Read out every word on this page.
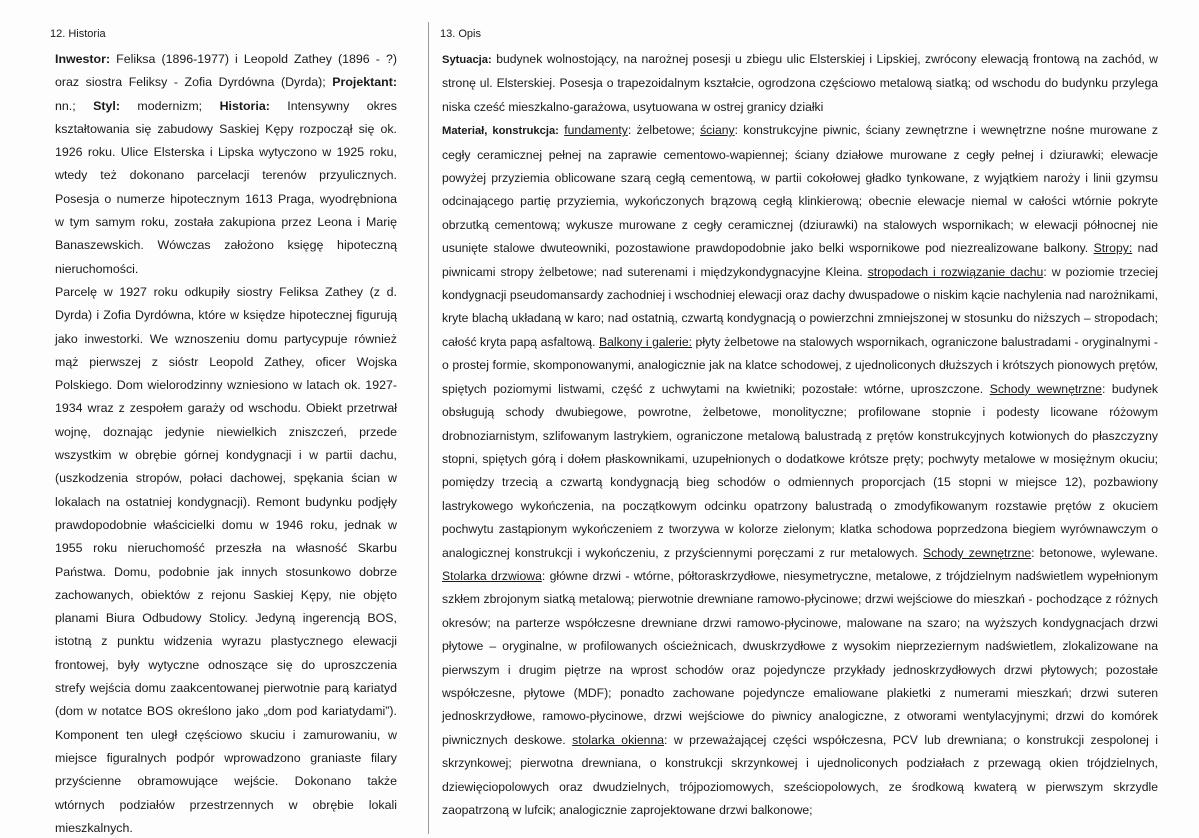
12. Historia

Inwestor: Feliksa (1896-1977) i Leopold Zathey (1896 - ?) oraz siostra Feliksy - Zofia Dyrdówna (Dyrda); Projektant: nn.; Styl: modernizm; Historia: Intensywny okres kształtowania się zabudowy Saskiej Kępy rozpoczął się ok. 1926 roku. Ulice Elsterska i Lipska wytyczono w 1925 roku, wtedy też dokonano parcelacji terenów przyulicznych. Posesja o numerze hipotecznym 1613 Praga, wyodrębniona w tym samym roku, została zakupiona przez Leona i Marię Banaszewskich. Wówczas założono księgę hipoteczną nieruchomości.

Parcelę w 1927 roku odkupiły siostry Feliksa Zathey (z d. Dyrda) i Zofia Dyrdówna, które w księdze hipotecznej figurują jako inwestorki. We wznoszeniu domu partycypuje również mąż pierwszej z sióstr Leopold Zathey, oficer Wojska Polskiego. Dom wielorodzinny wzniesiono w latach ok. 1927-1934 wraz z zespołem garaży od wschodu. Obiekt przetrwał wojnę, doznając jedynie niewielkich zniszczeń, przede wszystkim w obrębie górnej kondygnacji i w partii dachu, (uszkodzenia stropów, połaci dachowej, spękania ścian w lokalach na ostatniej kondygnacji). Remont budynku podjęły prawdopodobnie właścicielki domu w 1946 roku, jednak w 1955 roku nieruchomość przeszła na własność Skarbu Państwa. Domu, podobnie jak innych stosunkowo dobrze zachowanych, obiektów z rejonu Saskiej Kępy, nie objęto planami Biura Odbudowy Stolicy. Jedyną ingerencją BOS, istotną z punktu widzenia wyrazu plastycznego elewacji frontowej, były wytyczne odnoszące się do uproszczenia strefy wejścia domu zaakcentowanej pierwotnie parą kariatyd (dom w notatce BOS określono jako „dom pod kariatydami”). Komponent ten uległ częściowo skuciu i zamurowaniu, w miejsce figuralnych podpór wprowadzono graniaste filary przyścienne obramowujące wejście. Dokonano także wtórnych podziałów przestrzennych w obrębie lokali mieszkalnych.

13. Opis

Sytuacja: budynek wolnostojący, na narożnej posesji u zbiegu ulic Elsterskiej i Lipskiej, zwrócony elewacją frontową na zachód, w stronę ul. Elsterskiej. Posesja o trapezoidalnym kształcie, ogrodzona częściowo metalową siatką; od wschodu do budynku przylega niska cześć mieszkalno-garażowa, usytuowana w ostrej granicy działki

Materiał, konstrukcja: fundamenty: żelbetowe; ściany: konstrukcyjne piwnic, ściany zewnętrzne i wewnętrzne nośne murowane z cegły ceramicznej pełnej na zaprawie cementowo-wapiennej; ściany działowe murowane z cegły pełnej i dziurawki; elewacje powyżej przyziemia oblicowane szarą cegłą cementową, w partii cokołowej gładko tynkowane, z wyjątkiem naroży i linii gzymsu odcinającego partię przyziemia, wykończonych brązową cegłą klinkierową; obecnie elewacje niemal w całości wtórnie pokryte obrzutką cementową; wykusze murowane z cegły ceramicznej (dziurawki) na stalowych wspornikach; w elewacji północnej nie usunięte stalowe dwuteowniki, pozostawione prawdopodobnie jako belki wspornikowe pod niezrealizowane balkony. Stropy: nad piwnicami stropy żelbetowe; nad suterenami i międzykondygnacyjne Kleina. stropodach i rozwiązanie dachu: w poziomie trzeciej kondygnacji pseudomansardy zachodniej i wschodniej elewacji oraz dachy dwuspadowe o niskim kącie nachylenia nad narożnikami, kryte blachą układaną w karo; nad ostatnią, czwartą kondygnacją o powierzchni zmniejszonej w stosunku do niższych – stropodach; całość kryta papą asfaltową. Balkony i galerie: płyty żelbetowe na stalowych wspornikach, ograniczone balustradami - oryginalnymi - o prostej formie, skomponowanymi, analogicznie jak na klatce schodowej, z ujednoliconych dłuższych i krótszych pionowych prętów, spiętych poziomymi listwami, część z uchwytami na kwietniki; pozostałe: wtórne, uproszczone. Schody wewnętrzne: budynek obsługują schody dwubiegowe, powrotne, żelbetowe, monolityczne; profilowane stopnie i podesty licowane różowym drobnoziarnistym, szlifowanym lastrykiem, ograniczone metalową balustradą z prętów konstrukcyjnych kotwionych do płaszczyzny stopni, spiętych górą i dołem płaskownikami, uzupełnionych o dodatkowe krótsze pręty; pochwyty metalowe w mosiężnym okuciu; pomiędzy trzecią a czwartą kondygnacją bieg schodów o odmiennych proporcjach (15 stopni w miejsce 12), pozbawiony lastrykowego wykończenia, na początkowym odcinku opatrzony balustradą o zmodyfikowanym rozstawie prętów z okuciem pochwytu zastąpionym wykończeniem z tworzywa w kolorze zielonym; klatka schodowa poprzedzona biegiem wyrównawczym o analogicznej konstrukcji i wykończeniu, z przyściennymi poręczami z rur metalowych. Schody zewnętrzne: betonowe, wylewane. Stolarka drzwiowa: główne drzwi - wtórne, półtoraskrzydłowe, niesymetryczne, metalowe, z trójdzielnym nadświetlem wypełnionym szkłem zbrojonym siatką metalową; pierwotnie drewniane ramowo-płycinowe; drzwi wejściowe do mieszkań - pochodzące z różnych okresów; na parterze współczesne drewniane drzwi ramowo-płycinowe, malowane na szaro; na wyższych kondygnacjach drzwi płytowe – oryginalne, w profilowanych ościeżnicach, dwuskrzydłowe z wysokim nieprzeziernym nadświetlem, zlokalizowane na pierwszym i drugim piętrze na wprost schodów oraz pojedyncze przykłady jednoskrzydłowych drzwi płytowych; pozostałe współczesne, płytowe (MDF); ponadto zachowane pojedyncze emaliowane plakietki z numerami mieszkań; drzwi suteren jednoskrzydłowe, ramowo-płycinowe, drzwi wejściowe do piwnicy analogiczne, z otworami wentylacyjnymi; drzwi do komórek piwnicznych deskowe. stolarka okienna: w przeważającej części współczesna, PCV lub drewniana; o konstrukcji zespolonej i skrzynkowej; pierwotna drewniana, o konstrukcji skrzynkowej i ujednoliconych podziałach z przewagą okien trójdzielnych, dziewięciopolowych oraz dwudzielnych, trójpoziomowych, sześciopolowych, ze środkową kwaterą w pierwszym skrzydle zaopatrzoną w lufcik; analogicznie zaprojektowane drzwi balkonowe;
